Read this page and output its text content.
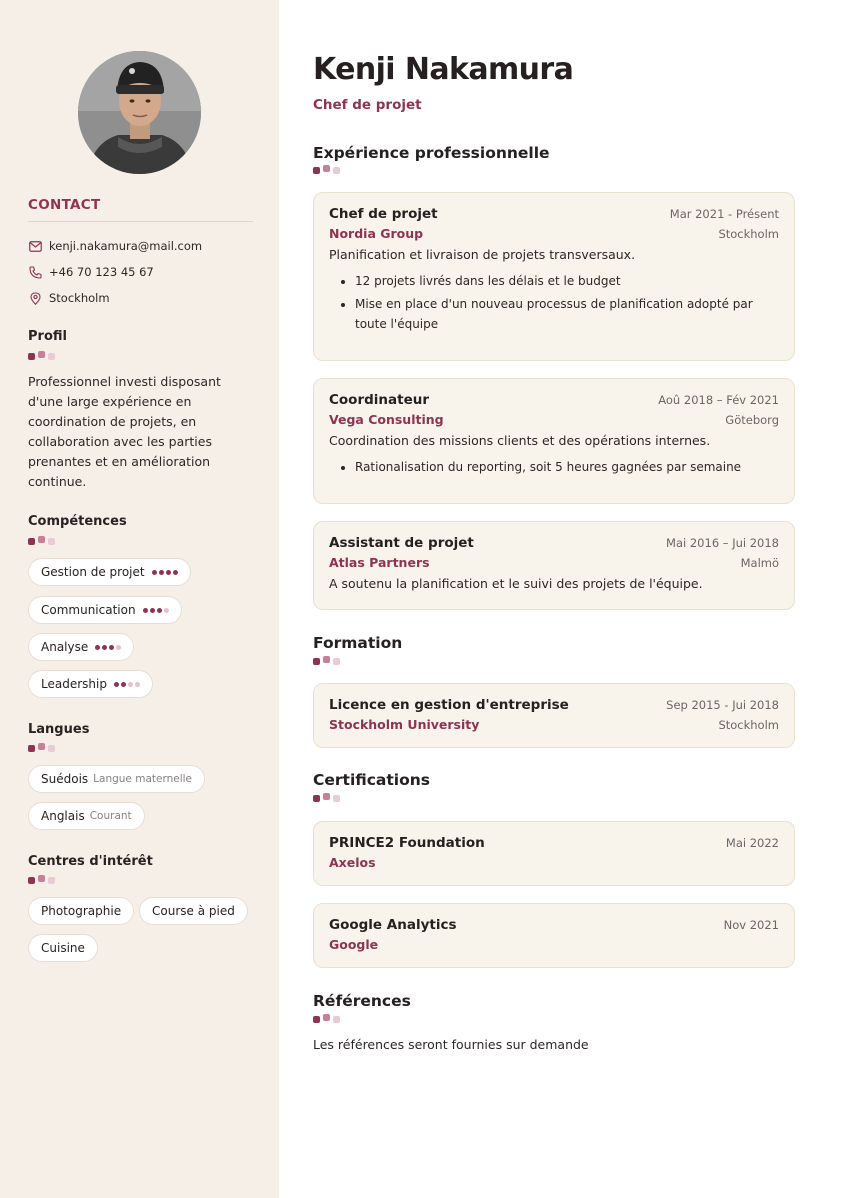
CONTACT
kenji.nakamura@mail.com
+46 70 123 45 67
Stockholm
Profil
Professionnel investi disposant d'une large expérience en coordination de projets, en collaboration avec les parties prenantes et en amélioration continue.
Compétences
Gestion de projet
Communication
Analyse
Leadership
Langues
Suédois Langue maternelle
Anglais Courant
Centres d'intérêt
Photographie	Course à pied
Cuisine
Kenji Nakamura
Chef de projet
Expérience professionnelle
Chef de projet	Mar 2021 - Présent
Nordia Group	Stockholm
Planification et livraison de projets transversaux.
• 12 projets livrés dans les délais et le budget
• Mise en place d'un nouveau processus de planification adopté par toute l'équipe
Coordinateur	Aoû 2018 – Fév 2021
Vega Consulting	Göteborg
Coordination des missions clients et des opérations internes.
• Rationalisation du reporting, soit 5 heures gagnées par semaine
Assistant de projet	Mai 2016 – Jui 2018
Atlas Partners	Malmö
A soutenu la planification et le suivi des projets de l'équipe.
Formation
Licence en gestion d'entreprise	Sep 2015 - Jui 2018
Stockholm University	Stockholm
Certifications
PRINCE2 Foundation	Mai 2022
Axelos
Google Analytics	Nov 2021
Google
Références
Les références seront fournies sur demande
